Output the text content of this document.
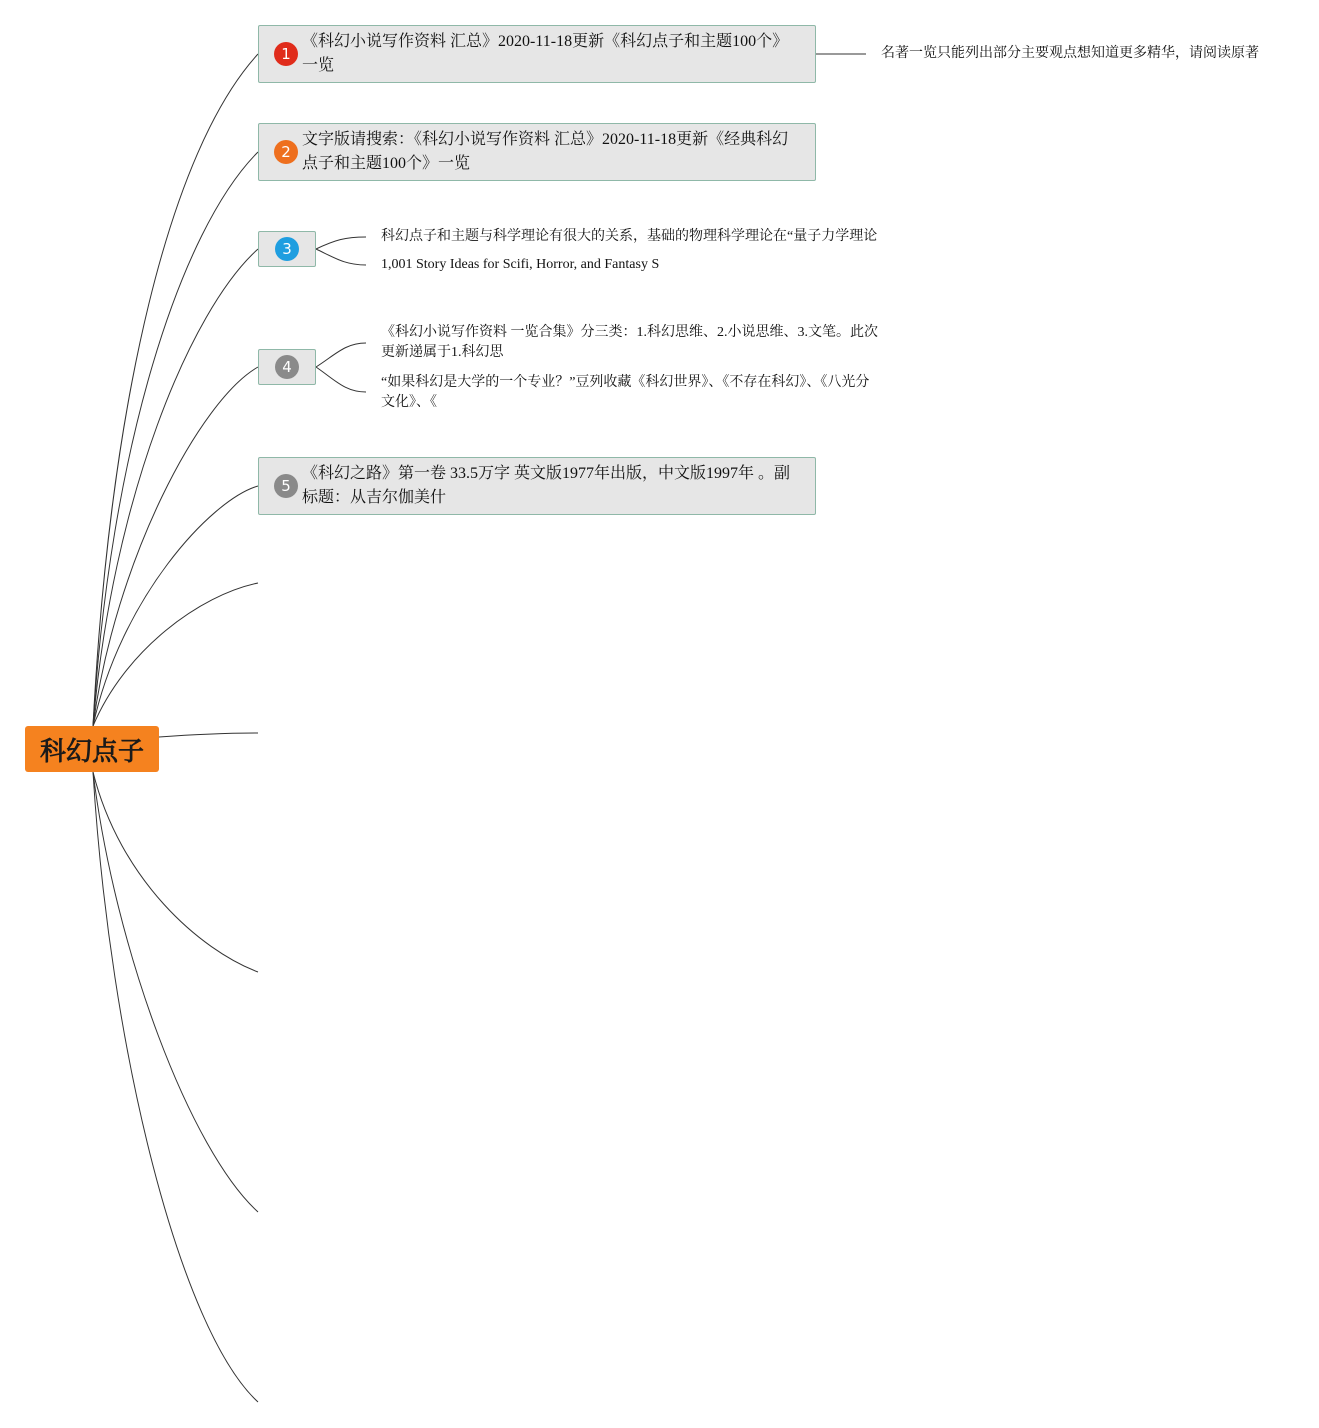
科幻点子
1
《科幻小说写作资料 汇总》2020-11-18更新《科幻点子和主题100个》一览
名著一览只能列出部分主要观点想知道更多精华，请阅读原著
2
文字版请搜索：《科幻小说写作资料 汇总》2020-11-18更新《经典科幻点子和主题100个》一览
3
科幻点子和主题与科学理论有很大的关系，基础的物理科学理论在“量子力学理论
1,001 Story Ideas for Scifi, Horror, and Fantasy S
4
《科幻小说写作资料 一览合集》分三类：1.科幻思维、2.小说思维、3.文笔。此次更新递属于1.科幻思
“如果科幻是大学的一个专业？”豆列收藏《科幻世界》、《不存在科幻》、《八光分文化》、《
5
《科幻之路》第一卷 33.5万字 英文版1977年出版，中文版1997年 。副标题：从吉尔伽美什
